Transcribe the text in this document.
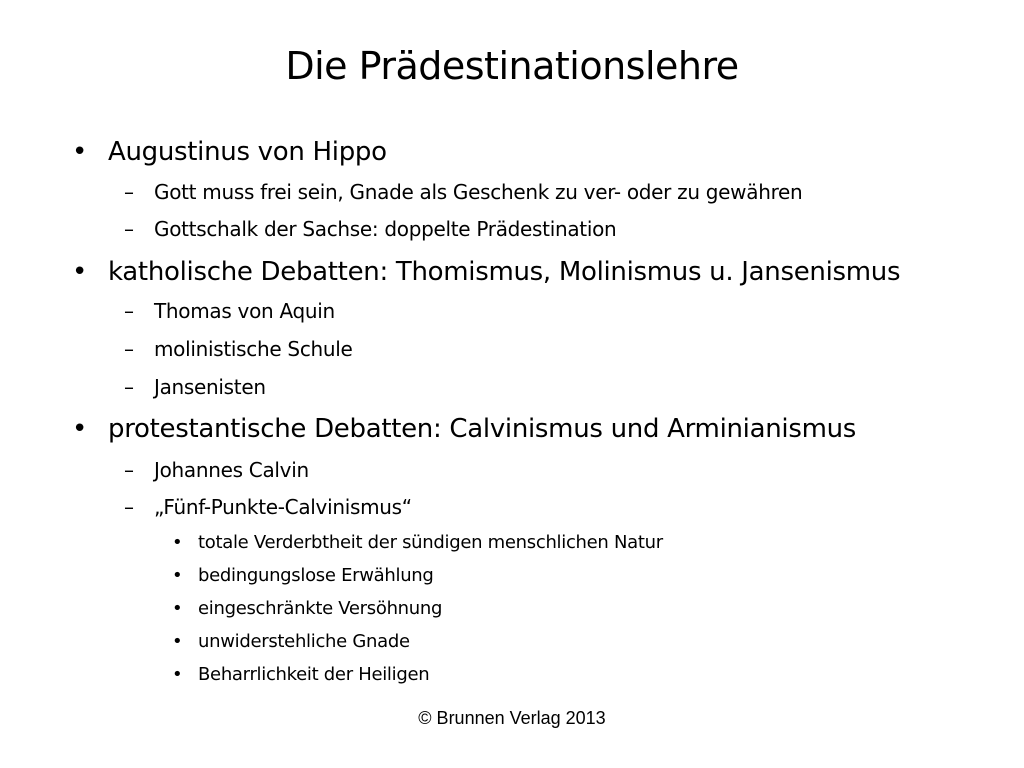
Die Prädestinationslehre
• Augustinus von Hippo
– Gott muss frei sein, Gnade als Geschenk zu ver- oder zu gewähren
– Gottschalk der Sachse: doppelte Prädestination
• katholische Debatten: Thomismus, Molinismus u. Jansenismus
– Thomas von Aquin
– molinistische Schule
– Jansenisten
• protestantische Debatten: Calvinismus und Arminianismus
– Johannes Calvin
– „Fünf-Punkte-Calvinismus“
• totale Verderbtheit der sündigen menschlichen Natur
• bedingungslose Erwählung
• eingeschränkte Versöhnung
• unwiderstehliche Gnade
• Beharrlichkeit der Heiligen
© Brunnen Verlag 2013
